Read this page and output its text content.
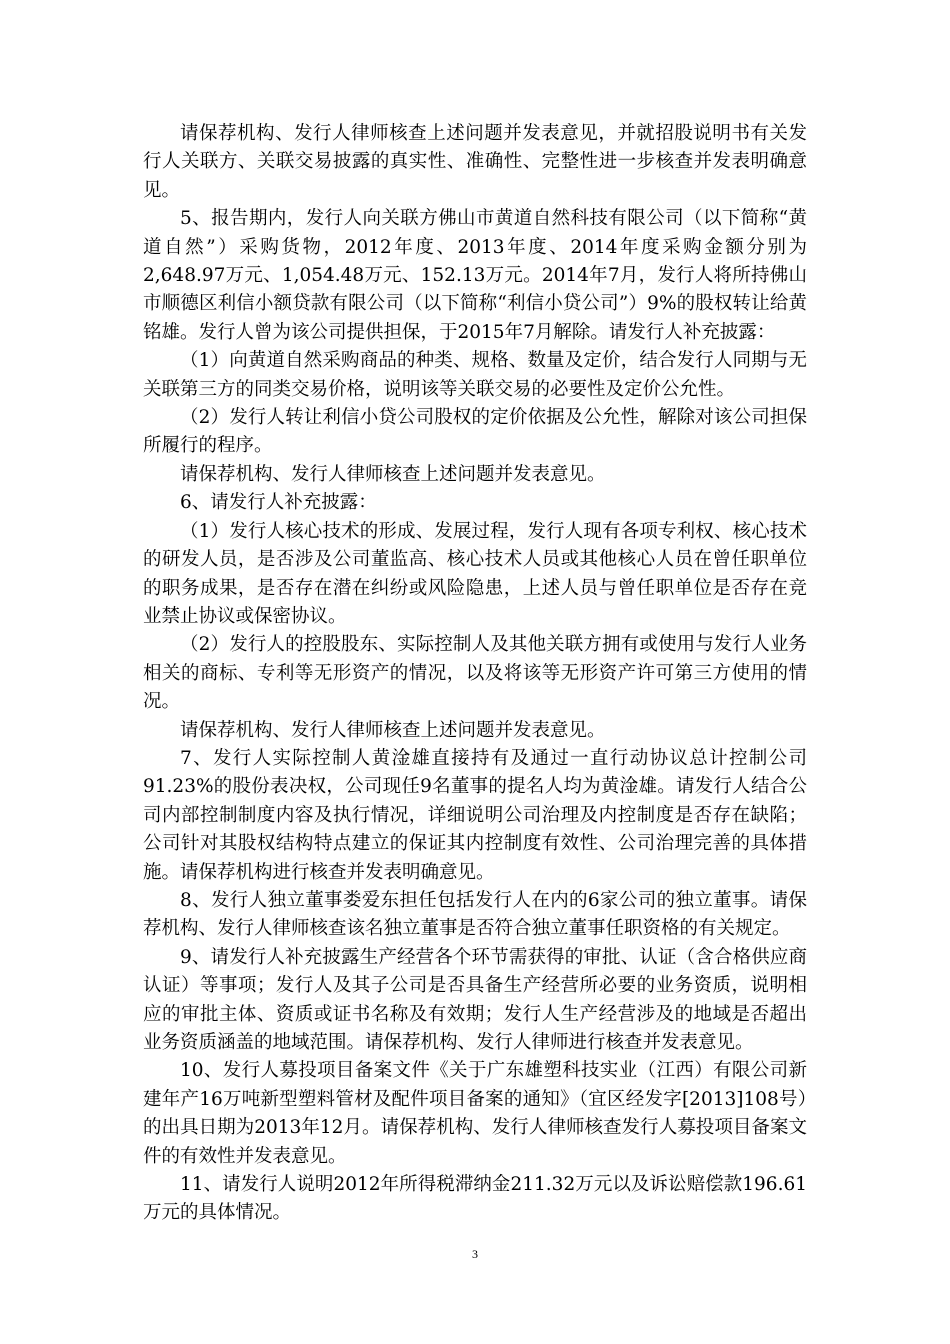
请保荐机构、发行人律师核查上述问题并发表意见，并就招股说明书有关发行人关联方、关联交易披露的真实性、准确性、完整性进一步核查并发表明确意见。

5、报告期内，发行人向关联方佛山市黄道自然科技有限公司（以下简称“黄道自然”）采购货物，2012年度、2013年度、2014年度采购金额分别为2,648.97万元、1,054.48万元、152.13万元。2014年7月，发行人将所持佛山市顺德区利信小额贷款有限公司（以下简称“利信小贷公司”）9%的股权转让给黄铭雄。发行人曾为该公司提供担保，于2015年7月解除。请发行人补充披露：

（1）向黄道自然采购商品的种类、规格、数量及定价，结合发行人同期与无关联第三方的同类交易价格，说明该等关联交易的必要性及定价公允性。

（2）发行人转让利信小贷公司股权的定价依据及公允性，解除对该公司担保所履行的程序。

请保荐机构、发行人律师核查上述问题并发表意见。

6、请发行人补充披露：

（1）发行人核心技术的形成、发展过程，发行人现有各项专利权、核心技术的研发人员，是否涉及公司董监高、核心技术人员或其他核心人员在曾任职单位的职务成果，是否存在潜在纠纷或风险隐患，上述人员与曾任职单位是否存在竞业禁止协议或保密协议。

（2）发行人的控股股东、实际控制人及其他关联方拥有或使用与发行人业务相关的商标、专利等无形资产的情况，以及将该等无形资产许可第三方使用的情况。

请保荐机构、发行人律师核查上述问题并发表意见。

7、发行人实际控制人黄淦雄直接持有及通过一直行动协议总计控制公司91.23%的股份表决权，公司现任9名董事的提名人均为黄淦雄。请发行人结合公司内部控制制度内容及执行情况，详细说明公司治理及内控制度是否存在缺陷；公司针对其股权结构特点建立的保证其内控制度有效性、公司治理完善的具体措施。请保荐机构进行核查并发表明确意见。

8、发行人独立董事娄爱东担任包括发行人在内的6家公司的独立董事。请保荐机构、发行人律师核查该名独立董事是否符合独立董事任职资格的有关规定。

9、请发行人补充披露生产经营各个环节需获得的审批、认证（含合格供应商认证）等事项；发行人及其子公司是否具备生产经营所必要的业务资质，说明相应的审批主体、资质或证书名称及有效期；发行人生产经营涉及的地域是否超出业务资质涵盖的地域范围。请保荐机构、发行人律师进行核查并发表意见。

10、发行人募投项目备案文件《关于广东雄塑科技实业（江西）有限公司新建年产16万吨新型塑料管材及配件项目备案的通知》（宜区经发字[2013]108号）的出具日期为2013年12月。请保荐机构、发行人律师核查发行人募投项目备案文件的有效性并发表意见。

11、请发行人说明2012年所得税滞纳金211.32万元以及诉讼赔偿款196.61万元的具体情况。

3
